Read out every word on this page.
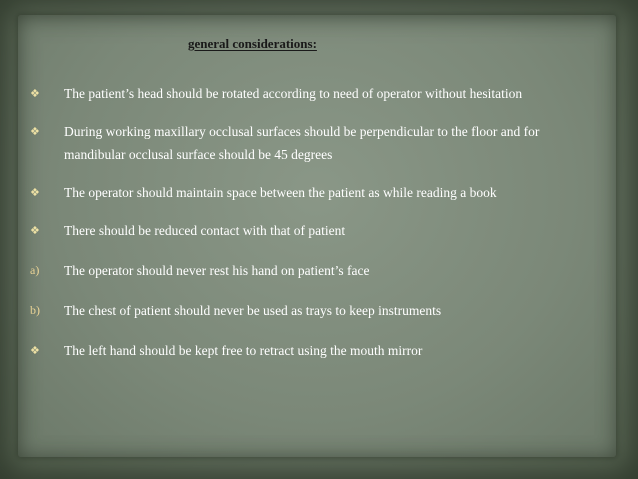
general considerations:
❖	The patient’s head should be rotated according to need of operator without hesitation
❖	During working maxillary occlusal surfaces should be perpendicular to the floor and for mandibular occlusal surface should be 45 degrees
❖	The operator should maintain space between the patient as while reading a book
❖	There should be reduced contact with that of patient
a)	The operator should never rest his hand on patient’s face
b)	The chest of patient should never be used as trays to keep instruments
❖	The left hand should be kept free to retract using the mouth mirror
